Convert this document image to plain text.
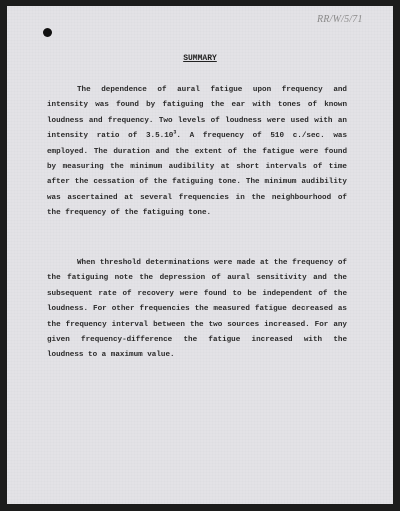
RR/W/5/71
SUMMARY

The dependence of aural fatigue upon frequency and intensity was found by fatiguing the ear with tones of known loudness and frequency. Two levels of loudness were used with an intensity ratio of 3.5.10$^3$. A frequency of 510 c./sec. was employed. The duration and the extent of the fatigue were found by measuring the minimum audibility at short intervals of time after the cessation of the fatiguing tone. The minimum audibility was ascertained at several frequencies in the neighbourhood of the frequency of the fatiguing tone.

When threshold determinations were made at the frequency of the fatiguing note the depression of aural sensitivity and the subsequent rate of recovery were found to be independent of the loudness. For other frequencies the measured fatigue decreased as the frequency interval between the two sources increased. For any given frequency-difference the fatigue increased with the loudness to a maximum value.
